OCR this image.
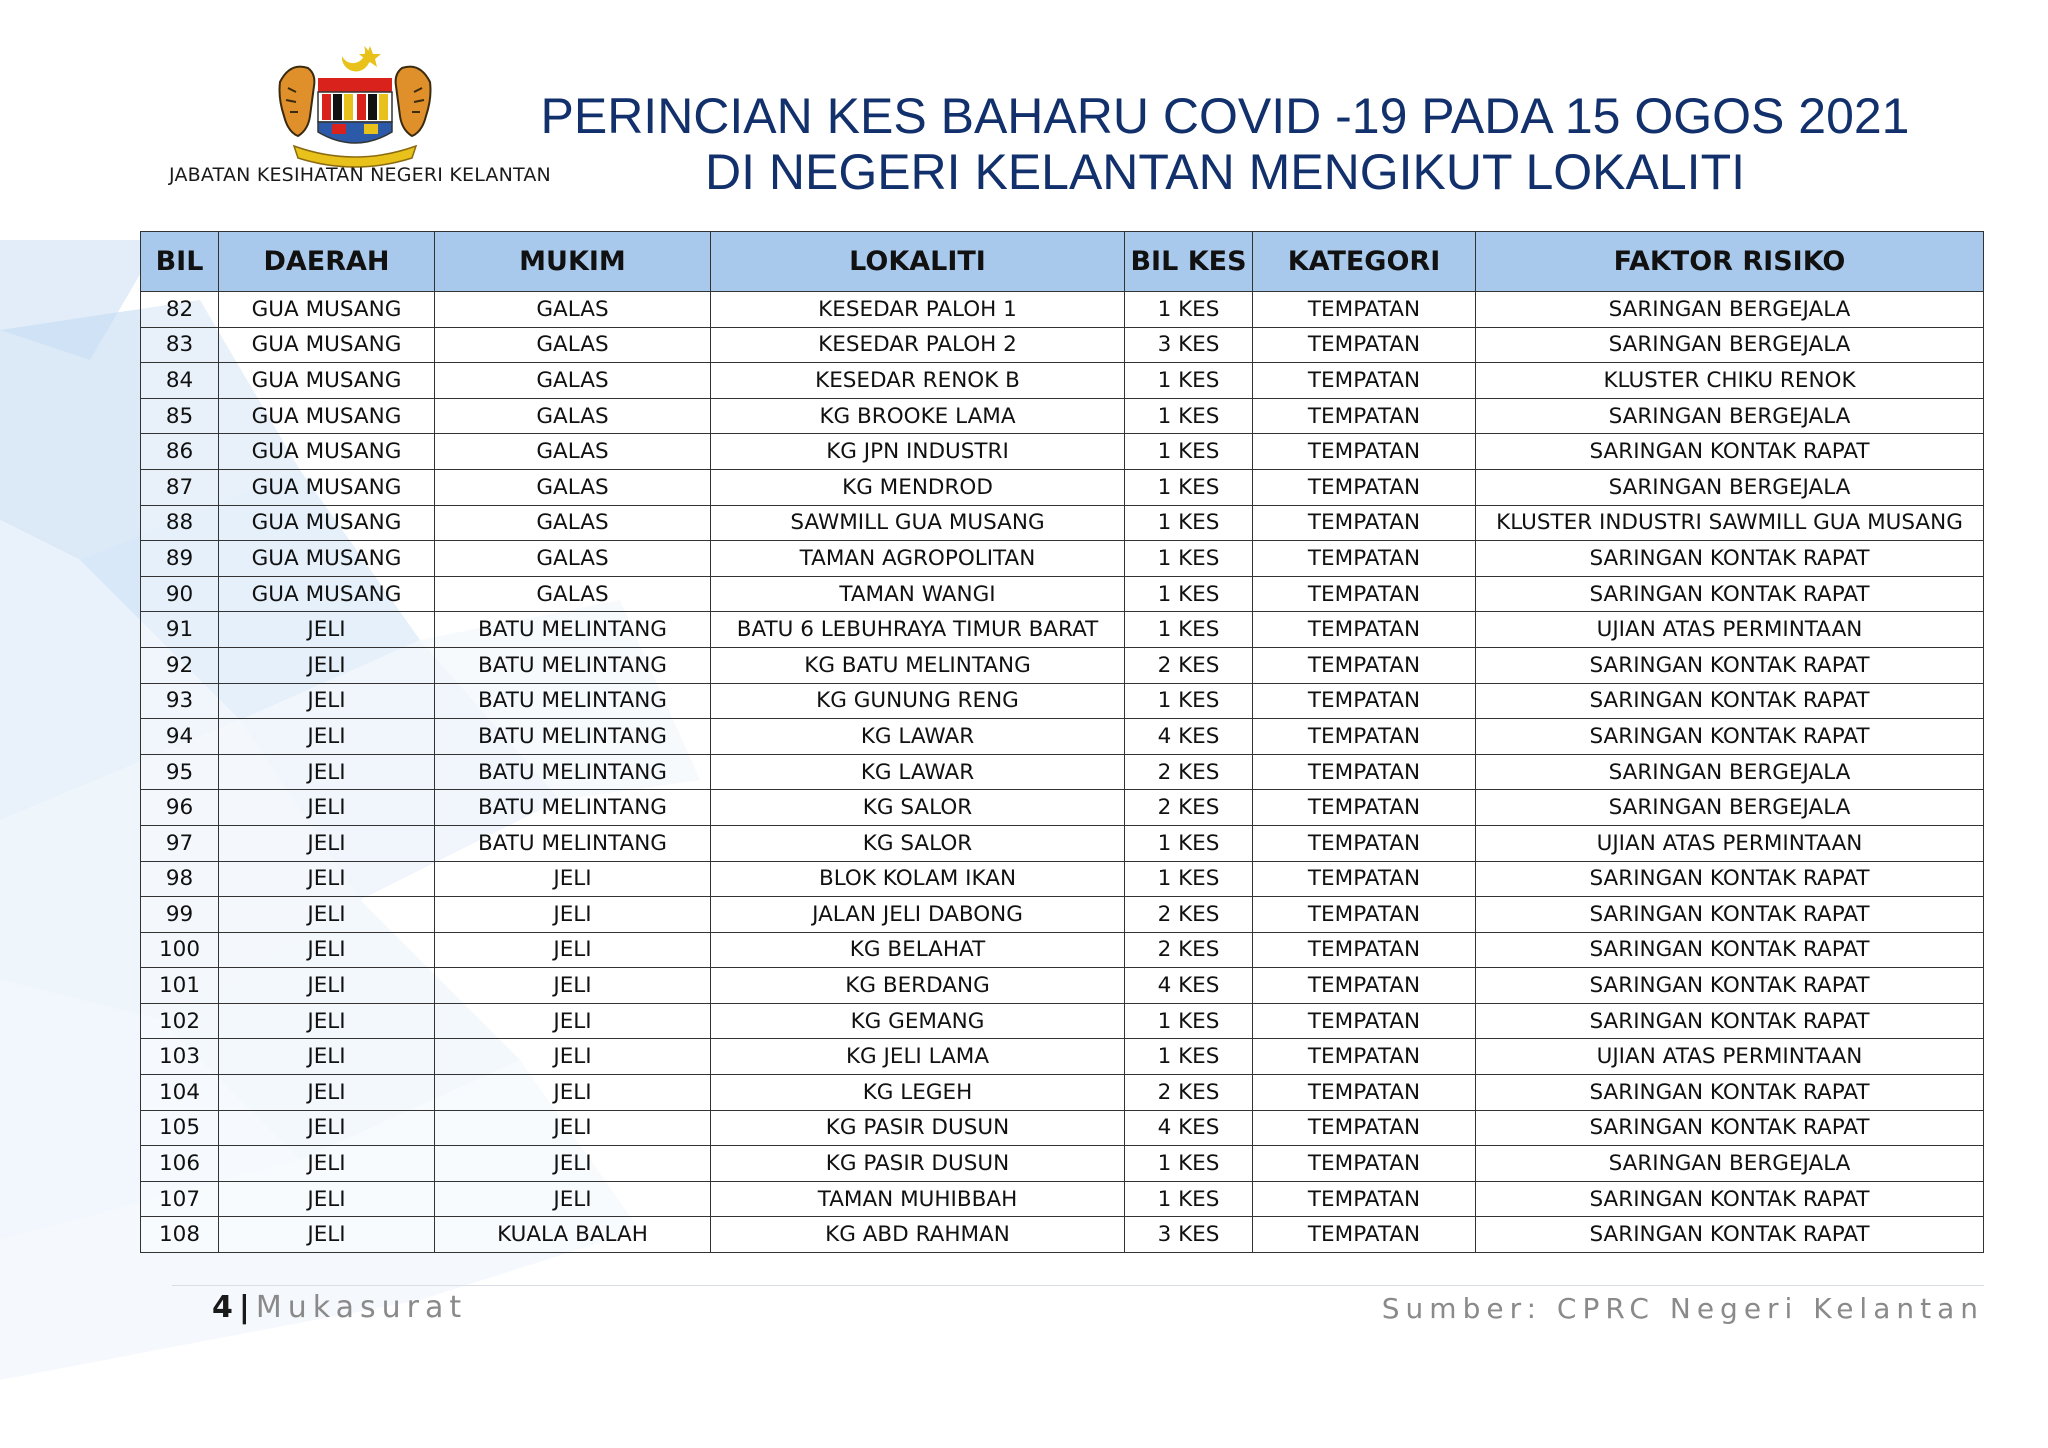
JABATAN KESIHATAN NEGERI KELANTAN
PERINCIAN KES BAHARU COVID -19 PADA 15 OGOS 2021
DI NEGERI KELANTAN MENGIKUT LOKALITI
BIL	DAERAH	MUKIM	LOKALITI	BIL KES	KATEGORI	FAKTOR RISIKO
82	GUA MUSANG	GALAS	KESEDAR PALOH 1	1 KES	TEMPATAN	SARINGAN BERGEJALA
83	GUA MUSANG	GALAS	KESEDAR PALOH 2	3 KES	TEMPATAN	SARINGAN BERGEJALA
84	GUA MUSANG	GALAS	KESEDAR RENOK B	1 KES	TEMPATAN	KLUSTER CHIKU RENOK
85	GUA MUSANG	GALAS	KG BROOKE LAMA	1 KES	TEMPATAN	SARINGAN BERGEJALA
86	GUA MUSANG	GALAS	KG JPN INDUSTRI	1 KES	TEMPATAN	SARINGAN KONTAK RAPAT
87	GUA MUSANG	GALAS	KG MENDROD	1 KES	TEMPATAN	SARINGAN BERGEJALA
88	GUA MUSANG	GALAS	SAWMILL GUA MUSANG	1 KES	TEMPATAN	KLUSTER INDUSTRI SAWMILL GUA MUSANG
89	GUA MUSANG	GALAS	TAMAN AGROPOLITAN	1 KES	TEMPATAN	SARINGAN KONTAK RAPAT
90	GUA MUSANG	GALAS	TAMAN WANGI	1 KES	TEMPATAN	SARINGAN KONTAK RAPAT
91	JELI	BATU MELINTANG	BATU 6 LEBUHRAYA TIMUR BARAT	1 KES	TEMPATAN	UJIAN ATAS PERMINTAAN
92	JELI	BATU MELINTANG	KG BATU MELINTANG	2 KES	TEMPATAN	SARINGAN KONTAK RAPAT
93	JELI	BATU MELINTANG	KG GUNUNG RENG	1 KES	TEMPATAN	SARINGAN KONTAK RAPAT
94	JELI	BATU MELINTANG	KG LAWAR	4 KES	TEMPATAN	SARINGAN KONTAK RAPAT
95	JELI	BATU MELINTANG	KG LAWAR	2 KES	TEMPATAN	SARINGAN BERGEJALA
96	JELI	BATU MELINTANG	KG SALOR	2 KES	TEMPATAN	SARINGAN BERGEJALA
97	JELI	BATU MELINTANG	KG SALOR	1 KES	TEMPATAN	UJIAN ATAS PERMINTAAN
98	JELI	JELI	BLOK KOLAM IKAN	1 KES	TEMPATAN	SARINGAN KONTAK RAPAT
99	JELI	JELI	JALAN JELI DABONG	2 KES	TEMPATAN	SARINGAN KONTAK RAPAT
100	JELI	JELI	KG BELAHAT	2 KES	TEMPATAN	SARINGAN KONTAK RAPAT
101	JELI	JELI	KG BERDANG	4 KES	TEMPATAN	SARINGAN KONTAK RAPAT
102	JELI	JELI	KG GEMANG	1 KES	TEMPATAN	SARINGAN KONTAK RAPAT
103	JELI	JELI	KG JELI LAMA	1 KES	TEMPATAN	UJIAN ATAS PERMINTAAN
104	JELI	JELI	KG LEGEH	2 KES	TEMPATAN	SARINGAN KONTAK RAPAT
105	JELI	JELI	KG PASIR DUSUN	4 KES	TEMPATAN	SARINGAN KONTAK RAPAT
106	JELI	JELI	KG PASIR DUSUN	1 KES	TEMPATAN	SARINGAN BERGEJALA
107	JELI	JELI	TAMAN MUHIBBAH	1 KES	TEMPATAN	SARINGAN KONTAK RAPAT
108	JELI	KUALA BALAH	KG ABD RAHMAN	3 KES	TEMPATAN	SARINGAN KONTAK RAPAT
4 | Mukasurat	Sumber: CPRC Negeri Kelantan
